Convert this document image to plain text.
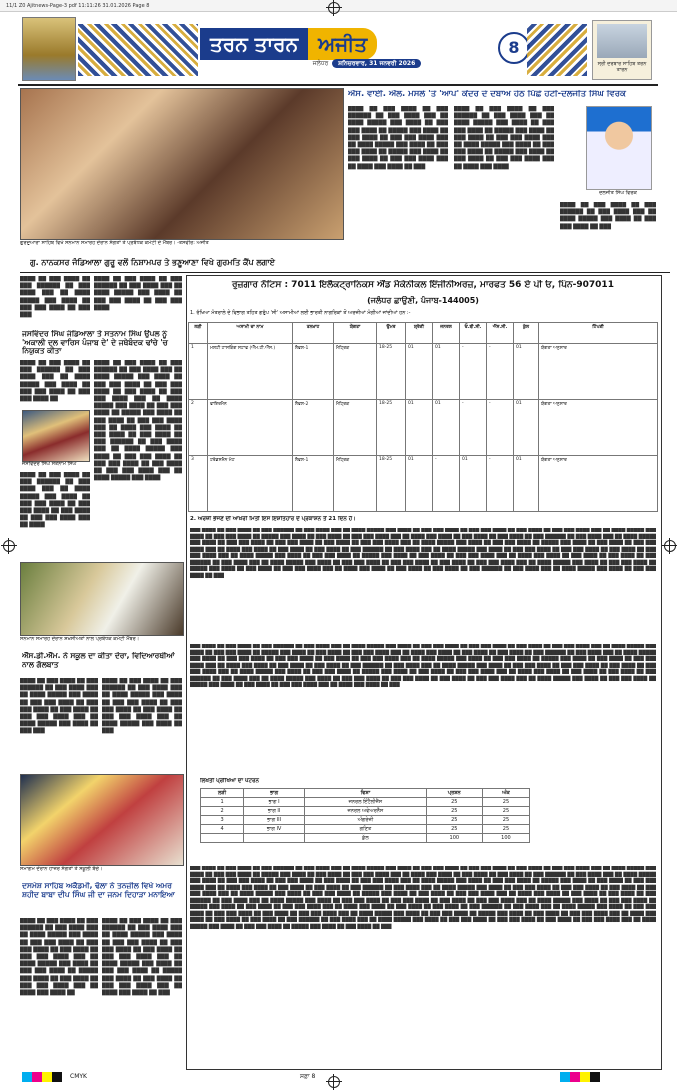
11/1 Z0 Ajitnews-Page-3 pdf 11:11:26 31.01.2026 Page 8
ਤਰਨ ਤਾਰਨ	ਅਜੀਤ	8
ਜਲੰਧਰ ਸ਼ਨਿਚਰਵਾਰ, 31 ਜਨਵਰੀ 2026	ਸ੍ਰੀ ਦਰਬਾਰ ਸਾਹਿਬ ਤਰਨ ਤਾਰਨ
ਗੁਰਦੁਆਰਾ ਸਾਹਿਬ ਵਿਖੇ ਸਨਮਾਨ ਸਮਾਰੋਹ ਦੌਰਾਨ ਸੰਗਤਾਂ ਤੇ ਪ੍ਰਬੰਧਕ ਕਮੇਟੀ ਦੇ ਮੈਂਬਰ। -ਤਸਵੀਰ: ਅਜੀਤ
ਗੁ. ਨਾਨਕਸਰ ਜੰਡਿਆਲਾ ਗੁਰੂ ਵਲੋਂ ਨਿਸ਼ਾਮਪਰ ਤੇ ਭਣੂਆਣਾ ਵਿਖੇ ਗੁਰਮਤਿ ਕੈਂਪ ਲਗਾਏ
ਐੱਸ. ਵਾਈ. ਐੱਲ. ਮਸਲੇ 'ਤੇ 'ਆਪ' ਕੇਂਦਰ ਦੇ ਦਬਾਅ ਹੇਠ ਪਿੱਛੇ ਹਟੀ-ਦਲਜੀਤ ਸਿੰਘ ਵਿਰਕ
████ ██ ███ ████ ██ ███ ██████ ██ ███ ████ ███ ██ ████ █████ ███ ████ ██ ███ ███ ████ ██ █████ ███ ████ ██ ███ ████ ██ ███ ███ ████ ███ ██ ████ █████ ███ ████ ██ ███ ███ ████ ██ █████ ███ ████ ██ ███ ████ ██ ███ ███ ████ ███ ██ ████ ███ ████ ██ ███
████ ██ ███ ████ ██ ███ ██████ ██ ███ ████ ███ ██ ████ █████ ███ ████ ██ ███ ███ ████ ██ █████ ███ ████ ██ ███ ████ ██ ███ ███ ████ ███ ██ ████ █████ ███ ████ ██ ███ ███ ████ ██ █████ ███ ████ ██ ███ ████ ██ ███ ███ ████ ███ ██ ████ ███ ████
ਦਲਜੀਤ ਸਿੰਘ ਵਿਰਕ
████ ██ ███ ████ ██ ███ ██████ ██ ███ ████ ███ ██ ████ █████ ███ ████ ██ ███ ███ ████ ██ ███
████ ██ ███ ████ ██ ███ ██████ ██ ███ ████ ███ ██ ████ █████ ███ ████ ██ ███ ███ ████ ██ ███ ███
████ ██ ███ ████ ██ ███ ██████ ██ ███ ████ ███ ██ ████ █████ ███ ████ ██ ███ ███ ████ ██ ███ ███ ████
ਜਸਵਿੰਦਰ ਸਿੰਘ ਜੰਡਿਆਲਾ ਤੇ ਸਤਨਾਮ ਸਿੰਘ ਉਪਲ ਨੂੰ 'ਅਕਾਲੀ ਦਲ ਵਾਰਿਸ ਪੰਜਾਬ ਦੇ' ਦੇ ਜਥੇਬੰਦਕ ਢਾਂਚੇ 'ਚ ਨਿਯੁਕਤ ਕੀਤਾ
████ ██ ███ ████ ██ ███ ██████ ██ ███ ████ ███ ██ ████ █████ ███ ████ ██ ███ ███ ████ ██ ███ ███ ████ ██
ਜਸਵਿੰਦਰ ਸਿੰਘ ਸਤਨਾਮ ਸਿੰਘ
████ ██ ███ ████ ██ ███ ██████ ██ ███ ████ ███ ██ ████ █████ ███ ████ ██ ███ ███ ████ ██ ███ ███ ████ ██ ███ ████ ██ ███ ███ ████ ███ ██ ████ █████ ███ ████ ██ ███ ███ ████ ██ █████ ███ ████ ██ ███ ████ ██ ███ ███ ████ ███ ██ ████ ███ ████ ██ ███ ████ ██ ███ ████ ██ ███ ██████ ██ ███ ████ ███ ██ ████ █████ ███ ████ ██ ███ ███ ████ ██ ███ ███ ████ ██ ███ ████ ██ ███ ███ ████ ███ ██ ████ █████ ███ ████
████ ██ ███ ████ ██ ███ ██████ ██ ███ ████ ███ ██ ████ █████ ███ ████ ██ ███ ███ ████ ██ ███ ███ ████ ██ ███ ████ ██ ███ ███ ████ ███ ██ ████
ਸਨਮਾਨ ਸਮਾਰੋਹ ਦੌਰਾਨ ਸ਼ਖ਼ਸੀਅਤਾਂ ਨਾਲ ਪ੍ਰਬੰਧਕ ਕਮੇਟੀ ਮੈਂਬਰ।
ਐੱਸ.ਡੀ.ਐੱਮ. ਨੇ ਸਕੂਲ ਦਾ ਕੀਤਾ ਦੌਰਾ, ਵਿਦਿਆਰਥੀਆਂ ਨਾਲ ਗੱਲਬਾਤ
████ ██ ███ ████ ██ ███ ██████ ██ ███ ████ ███ ██ ████ █████ ███ ████ ██ ███ ███ ████ ██ ███ ███ ████ ██ ███ ████ ██ ███ ███ ████ ███ ██ ████ █████ ███ ████ ██ ███ ███
████ ██ ███ ████ ██ ███ ██████ ██ ███ ████ ███ ██ ████ █████ ███ ████ ██ ███ ███ ████ ██ ███ ███ ████ ██ ███ ████ ██ ███ ███ ████ ███ ██ ████ █████ ███ ████ ██ ███
ਸਮਾਗਮ ਦੌਰਾਨ ਹਾਜ਼ਰ ਸੰਗਤਾਂ ਤੇ ਸਕੂਲੀ ਬੱਚੇ।
ਦਸਮੇਸ਼ ਸਾਹਿਬ ਅਕੈਡਮੀ, ਢੋਲਾ ਨੇ ਤਨਜ਼ੀਲ ਵਿਖੇ ਅਮਰ ਸ਼ਹੀਦ ਬਾਬਾ ਦੀਪ ਸਿੰਘ ਜੀ ਦਾ ਜਨਮ ਦਿਹਾੜਾ ਮਨਾਇਆ
████ ██ ███ ████ ██ ███ ██████ ██ ███ ████ ███ ██ ████ █████ ███ ████ ██ ███ ███ ████ ██ ███ ███ ████ ██ ███ ████ ██ ███ ███ ████ ███ ██ ████ █████ ███ ████ ██ ███ ███ ████ ██ █████ ███ ████ ██ ███ ████ ██ ███ ███ ████ ███ ██ ████ ███ ████ ██
████ ██ ███ ████ ██ ███ ██████ ██ ███ ████ ███ ██ ████ █████ ███ ████ ██ ███ ███ ████ ██ ███ ███ ████ ██ ███ ████ ██ ███ ███ ████ ███ ██ ████ █████ ███ ████ ██ ███ ███ ████ ██ █████ ███ ████ ██ ███ ████ ██ ███ ███ ████ ███ ██ ████ ███ ████ ██ ███
ਰੁਜ਼ਗਾਰ ਨੋਟਿਸ : 7011 ਇਲੈਕਟ੍ਰਾਨਿਕਸ ਐਂਡ ਮੈਕੇਨੀਕਲ ਇੰਜੀਨੀਅਰਜ਼, ਮਾਰਫਤ 56 ਏ ਪੀ ਓ, ਪਿੰਨ-907011
(ਜਲੰਧਰ ਛਾਉਣੀ, ਪੰਜਾਬ-144005)
1. ਰੱਖਿਆ ਮੰਤਰਾਲੇ ਦੇ ਵਿਭਾਗ ਤਹਿਤ ਗਰੁੱਪ 'ਸੀ' ਅਸਾਮੀਆਂ ਲਈ ਭਾਰਤੀ ਨਾਗਰਿਕਾਂ ਤੋਂ ਅਰਜ਼ੀਆਂ ਮੰਗੀਆਂ ਜਾਂਦੀਆਂ ਹਨ :-
ਲੜੀ	ਅਸਾਮੀ ਦਾ ਨਾਮ	ਤਨਖ਼ਾਹ	ਯੋਗਤਾ	ਉਮਰ	ਸ਼੍ਰੇਣੀ	ਜਨਰਲ	ਓ.ਬੀ.ਸੀ.	ਐੱਸ.ਸੀ.	ਕੁੱਲ	ਟਿੱਪਣੀ
1	ਮਲਟੀ ਟਾਸਕਿੰਗ ਸਟਾਫ (ਐੱਮ.ਟੀ.ਐੱਸ.)	ਲੈਵਲ-1	ਮੈਟ੍ਰਿਕ	18-25	01	01	-	-	01	ਯੋਗਤਾ ਅਨੁਸਾਰ
2	ਫਾਇਰਮੈਨ	ਲੈਵਲ-2	ਮੈਟ੍ਰਿਕ	18-25	01	01	-	-	01	ਯੋਗਤਾ ਅਨੁਸਾਰ
3	ਟਰੇਡਸਮੈਨ ਮੇਟ	ਲੈਵਲ-1	ਮੈਟ੍ਰਿਕ	18-25	01	-	01	-	01	ਯੋਗਤਾ ਅਨੁਸਾਰ
2. ਅਰਜ਼ੀ ਭੇਜਣ ਦੀ ਆਖ਼ਰੀ ਮਿਤੀ ਇਸ ਇਸ਼ਤਿਹਾਰ ਦੇ ਪ੍ਰਕਾਸ਼ਨ ਤੋਂ 21 ਦਿਨ ਹੈ।
███ ████ ██ ███ ████ ██ ███ ██████ ██ ███ ████ ███ ██ ████ █████ ███ ████ ██ ███ ███ ████ ██ ███ ███ ████ ██ ███ ████ ██ ███ ███ ████ ███ ██ ████ █████ ███ ████ ██ ███ ███ ████ ██ █████ ███ ████ ██ ███ ████ ██ ███ ███ ████ ███ ██ ████ ███ ████ ██ ███ ████ ██ ███ ████ ██ ███ ██████ ██ ███ ████ ███ ██ ████ █████ ███ ████ ██ ███ ███ ████ ██ ███ ███ ████ ██ ███ ████ ██ ███ ███ ████ ███ ██ ████ █████ ███ ████ ██ ███ ███ ████ ██ █████ ███ ████ ██ ███ ████ ██ ███ ███ ████ ███ ██ ████ ███ ████ ██ ███ ████ ██ ███ ████ ██ ███ ██████ ██ ███ ████ ███ ██ ████ █████ ███ ████ ██ ███ ███ ████ ██ ███ ███ ████ ██ ███ ████ ██ ███ ███ ████ ███ ██ ████ █████ ███ ████ ██ ███ ███ ████ ██ █████ ███ ████ ██ ███ ████ ██ ███ ███ ████ ███ ██ ████ ███ ████ ██ ███ ████ ██ ███ ████ ██ ███ ██████ ██ ███ ████ ███ ██ ████ █████ ███ ████ ██ ███ ███ ████ ██ ███ ███ ████ ██ ███ ████ ██ ███ ███ ████ ███ ██ ████ █████ ███ ████ ██ ███ ███ ████ ██ █████ ███ ████ ██ ███ ████ ██ ███ ███ ████ ███ ██ ████ ███ ████ ██ ███ ████ ██ ███ ████ ██ ███ ██████ ██ ███ ████ ███ ██ ████ █████ ███ ████ ██ ███ ███ ████ ██ ███
███ ████ ██ ███ ████ ██ ███ ██████ ██ ███ ████ ███ ██ ████ █████ ███ ████ ██ ███ ███ ████ ██ ███ ███ ████ ██ ███ ████ ██ ███ ███ ████ ███ ██ ████ █████ ███ ████ ██ ███ ███ ████ ██ █████ ███ ████ ██ ███ ████ ██ ███ ███ ████ ███ ██ ████ ███ ████ ██ ███ ████ ██ ███ ████ ██ ███ ██████ ██ ███ ████ ███ ██ ████ █████ ███ ████ ██ ███ ███ ████ ██ ███ ███ ████ ██ ███ ████ ██ ███ ███ ████ ███ ██ ████ █████ ███ ████ ██ ███ ███ ████ ██ █████ ███ ████ ██ ███ ████ ██ ███ ███ ████ ███ ██ ████ ███ ████ ██ ███ ████ ██ ███ ████ ██ ███ ██████ ██ ███ ████ ███ ██ ████ █████ ███ ████ ██ ███ ███ ████ ██ ███ ███ ████ ██ ███ ████ ██ ███ ███ ████ ███ ██ ████ █████ ███ ████ ██ ███ ███ ████ ██ █████ ███ ████ ██ ███ ████ ██ ███ ███ ████ ███ ██ ████ ███ ████ ██ ███ ████ ██ ███ ████ ██ ███ ██████ ██ ███ ████ ███ ██ ████ █████ ███ ████ ██ ███ ███ ████ ██ ███ ███ ████ ██ ███ ████ ██ ███ ███ ████ ███ ██ ████ █████ ███ ████ ██ ███ ███ ████ ██ █████ ███ ████ ██ ███ ████ ██ ███ ███ ████ ███ ██ ████ ███ ████ ██ ███
ਲਿਖਤੀ ਪ੍ਰੀਖਿਆ ਦਾ ਪੈਟਰਨ
ਲੜੀ	ਭਾਗ	ਵਿਸ਼ਾ	ਪ੍ਰਸ਼ਨ	ਅੰਕ
1	ਭਾਗ I	ਜਨਰਲ ਇੰਟੈਲੀਜੈਂਸ	25	25
2	ਭਾਗ II	ਜਨਰਲ ਅਵੇਅਰਨੈੱਸ	25	25
3	ਭਾਗ III	ਅੰਗਰੇਜ਼ੀ	25	25
4	ਭਾਗ IV	ਗਣਿਤ	25	25
		ਕੁੱਲ	100	100
███ ████ ██ ███ ████ ██ ███ ██████ ██ ███ ████ ███ ██ ████ █████ ███ ████ ██ ███ ███ ████ ██ ███ ███ ████ ██ ███ ████ ██ ███ ███ ████ ███ ██ ████ █████ ███ ████ ██ ███ ███ ████ ██ █████ ███ ████ ██ ███ ████ ██ ███ ███ ████ ███ ██ ████ ███ ████ ██ ███ ████ ██ ███ ████ ██ ███ ██████ ██ ███ ████ ███ ██ ████ █████ ███ ████ ██ ███ ███ ████ ██ ███ ███ ████ ██ ███ ████ ██ ███ ███ ████ ███ ██ ████ █████ ███ ████ ██ ███ ███ ████ ██ █████ ███ ████ ██ ███ ████ ██ ███ ███ ████ ███ ██ ████ ███ ████ ██ ███ ████ ██ ███ ████ ██ ███ ██████ ██ ███ ████ ███ ██ ████ █████ ███ ████ ██ ███ ███ ████ ██ ███ ███ ████ ██ ███ ████ ██ ███ ███ ████ ███ ██ ████ █████ ███ ████ ██ ███ ███ ████ ██ █████ ███ ████ ██ ███ ████ ██ ███ ███ ████ ███ ██ ████ ███ ████ ██ ███ ████ ██ ███ ████ ██ ███ ██████ ██ ███ ████ ███ ██ ████ █████ ███ ████ ██ ███ ███ ████ ██ ███ ███ ████ ██ ███ ████ ██ ███ ███ ████ ███ ██ ████ █████ ███ ████ ██ ███ ███ ████ ██ █████ ███ ████ ██ ███ ████ ██ ███ ███ ████ ███ ██ ████ ███ ████ ██ ███ ████ ██ ███ ████ ██ ███ ██████ ██ ███ ████ ███ ██ ████ █████ ███ ████ ██ ███ ███ ████ ██ ███ ███ ████ ██ ███ ████ ██ ███ ███ ████ ███ ██ ████ █████ ███ ████ ██ ███ ███ ████ ██ █████ ███ ████ ██ ███ ████ ██ ███ ███ ████ ███ ██ ████ ███ ████ ██ ███ ████ ██ ███ ████ ██ ███ ██████ ██ ███ ████ ███ ██ ████ █████ ███ ████ ██ ███ ███ ████ ██ ███ ███ ████ ██ ███ ████ ██ ███ ███ ████ ███ ██ ████ █████ ███ ████ ██ ███ ███ ████ ██ █████ ███ ████ ██ ███ ████ ██ ███
CMYK	ਸਫ਼ਾ 8
